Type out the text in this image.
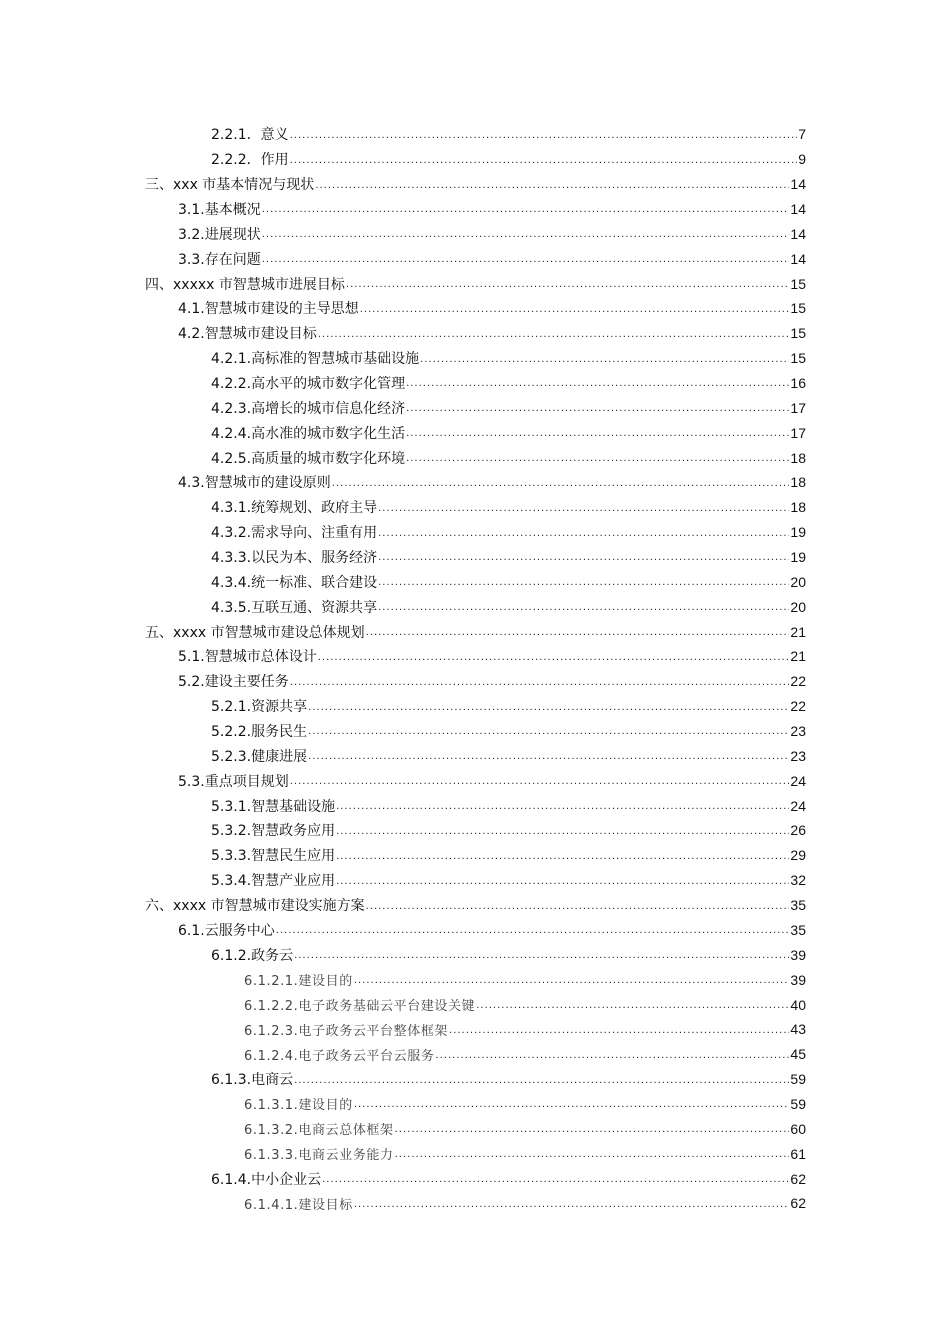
2.2.1．意义 .....	7
2.2.2．作用 .....	9
三、xxx 市基本情况与现状 .....	14
3.1.基本概况 .....	14
3.2.进展现状 .....	14
3.3.存在问题 .....	14
四、xxxxx 市智慧城市进展目标 .....	15
4.1.智慧城市建设的主导思想 .....	15
4.2.智慧城市建设目标 .....	15
4.2.1.高标准的智慧城市基础设施 .....	15
4.2.2.高水平的城市数字化管理 .....	16
4.2.3.高增长的城市信息化经济 .....	17
4.2.4.高水准的城市数字化生活 .....	17
4.2.5.高质量的城市数字化环境 .....	18
4.3.智慧城市的建设原则 .....	18
4.3.1.统筹规划、政府主导 .....	18
4.3.2.需求导向、注重有用 .....	19
4.3.3.以民为本、服务经济 .....	19
4.3.4.统一标准、联合建设 .....	20
4.3.5.互联互通、资源共享 .....	20
五、xxxx 市智慧城市建设总体规划 .....	21
5.1.智慧城市总体设计 .....	21
5.2.建设主要任务 .....	22
5.2.1.资源共享 .....	22
5.2.2.服务民生 .....	23
5.2.3.健康进展 .....	23
5.3.重点项目规划 .....	24
5.3.1.智慧基础设施 .....	24
5.3.2.智慧政务应用 .....	26
5.3.3.智慧民生应用 .....	29
5.3.4.智慧产业应用 .....	32
六、xxxx 市智慧城市建设实施方案 .....	35
6.1.云服务中心 .....	35
6.1.2.政务云 .....	39
6.1.2.1.建设目的 .....	39
6.1.2.2.电子政务基础云平台建设关键 .....	40
6.1.2.3.电子政务云平台整体框架 .....	43
6.1.2.4.电子政务云平台云服务 .....	45
6.1.3.电商云 .....	59
6.1.3.1.建设目的 .....	59
6.1.3.2.电商云总体框架 .....	60
6.1.3.3.电商云业务能力 .....	61
6.1.4.中小企业云 .....	62
6.1.4.1.建设目标 .....	62
